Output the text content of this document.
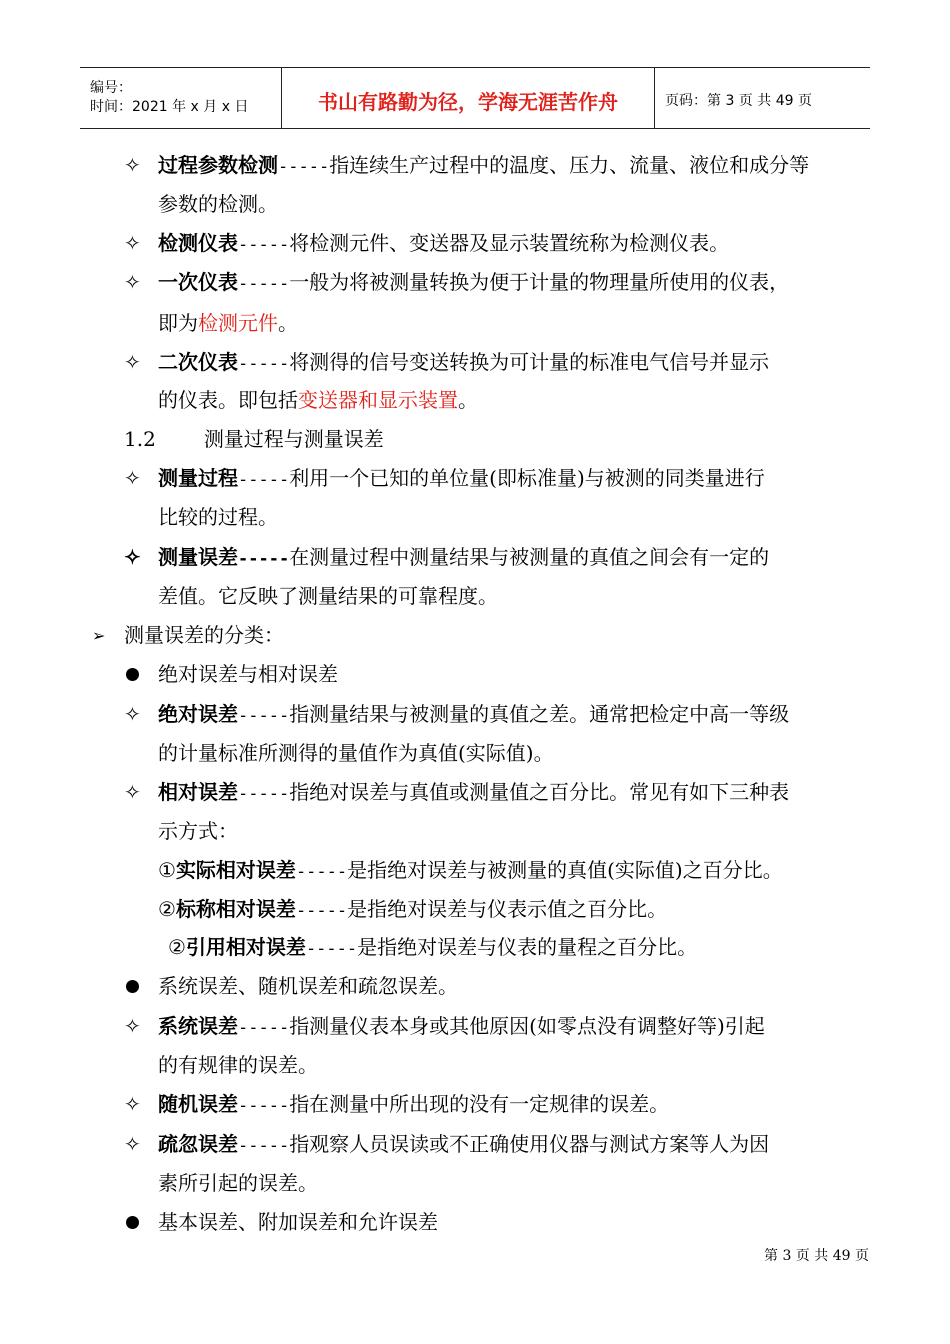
编号：
时间：2021 年 x 月 x 日	书山有路勤为径，学海无涯苦作舟	页码：第 3 页 共 49 页
✧ 过程参数检测-----指连续生产过程中的温度、压力、流量、液位和成分等
参数的检测。
✧ 检测仪表-----将检测元件、变送器及显示装置统称为检测仪表。
✧ 一次仪表-----一般为将被测量转换为便于计量的物理量所使用的仪表，
即为检测元件。
✧ 二次仪表-----将测得的信号变送转换为可计量的标准电气信号并显示
的仪表。即包括变送器和显示装置。
1.2 测量过程与测量误差
✧ 测量过程-----利用一个已知的单位量(即标准量)与被测的同类量进行
比较的过程。
✧ 测量误差-----在测量过程中测量结果与被测量的真值之间会有一定的
差值。它反映了测量结果的可靠程度。
➢ 测量误差的分类：
绝对误差与相对误差
✧ 绝对误差-----指测量结果与被测量的真值之差。通常把检定中高一等级
的计量标准所测得的量值作为真值(实际值)。
✧ 相对误差-----指绝对误差与真值或测量值之百分比。常见有如下三种表
示方式：
①实际相对误差-----是指绝对误差与被测量的真值(实际值)之百分比。
②标称相对误差-----是指绝对误差与仪表示值之百分比。
②引用相对误差-----是指绝对误差与仪表的量程之百分比。
系统误差、随机误差和疏忽误差。
✧ 系统误差-----指测量仪表本身或其他原因(如零点没有调整好等)引起
的有规律的误差。
✧ 随机误差-----指在测量中所出现的没有一定规律的误差。
✧ 疏忽误差-----指观察人员误读或不正确使用仪器与测试方案等人为因
素所引起的误差。
基本误差、附加误差和允许误差
第 3 页 共 49 页
